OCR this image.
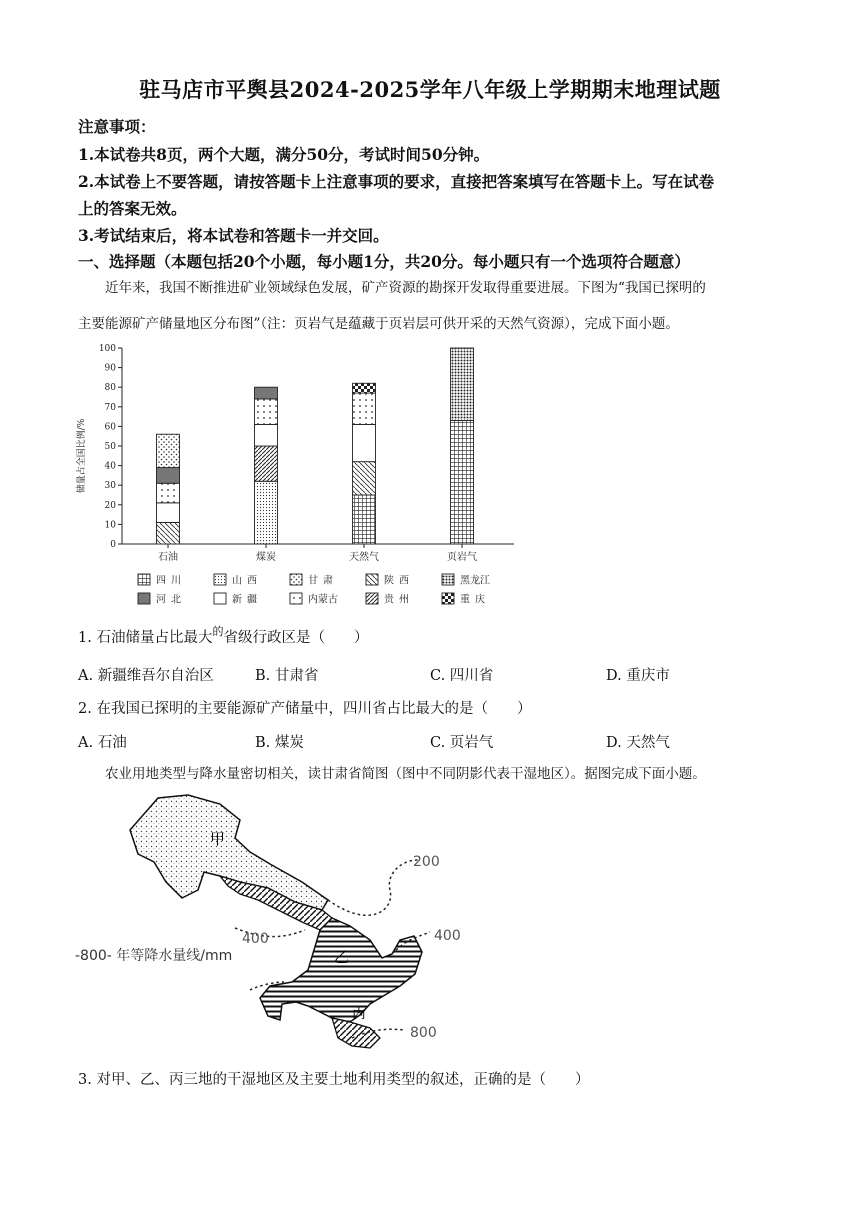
驻马店市平舆县2024-2025学年八年级上学期期末地理试题
注意事项：
1.本试卷共8页，两个大题，满分50分，考试时间50分钟。
2.本试卷上不要答题，请按答题卡上注意事项的要求，直接把答案填写在答题卡上。写在试卷
上的答案无效。
3.考试结束后，将本试卷和答题卡一并交回。
一、选择题（本题包括20个小题，每小题1分，共20分。每小题只有一个选项符合题意）
近年来，我国不断推进矿业领域绿色发展，矿产资源的勘探开发取得重要进展。下图为“我国已探明的
主要能源矿产储量地区分布图”（注：页岩气是蕴藏于页岩层可供开采的天然气资源），完成下面小题。
0
10
20
30
40
50
60
70
80
90
100
储量占全国比例/%
石油	煤炭	天然气	页岩气
四川	山西	甘肃	陕西	黑龙江
河北	新疆	内蒙古	贵州	重庆
1. 石油储量占比最大$^的$省级行政区是（　　）
A. 新疆维吾尔自治区	B. 甘肃省	C. 四川省	D. 重庆市
2. 在我国已探明的主要能源矿产储量中，四川省占比最大的是（　　）
A. 石油	B. 煤炭	C. 页岩气	D. 天然气
农业用地类型与降水量密切相关，读甘肃省简图（图中不同阴影代表干湿地区）。据图完成下面小题。
甲
乙
丙
200
400	400
800
-800- 年等降水量线/mm
3. 对甲、乙、丙三地的干湿地区及主要土地利用类型的叙述，正确的是（　　）
